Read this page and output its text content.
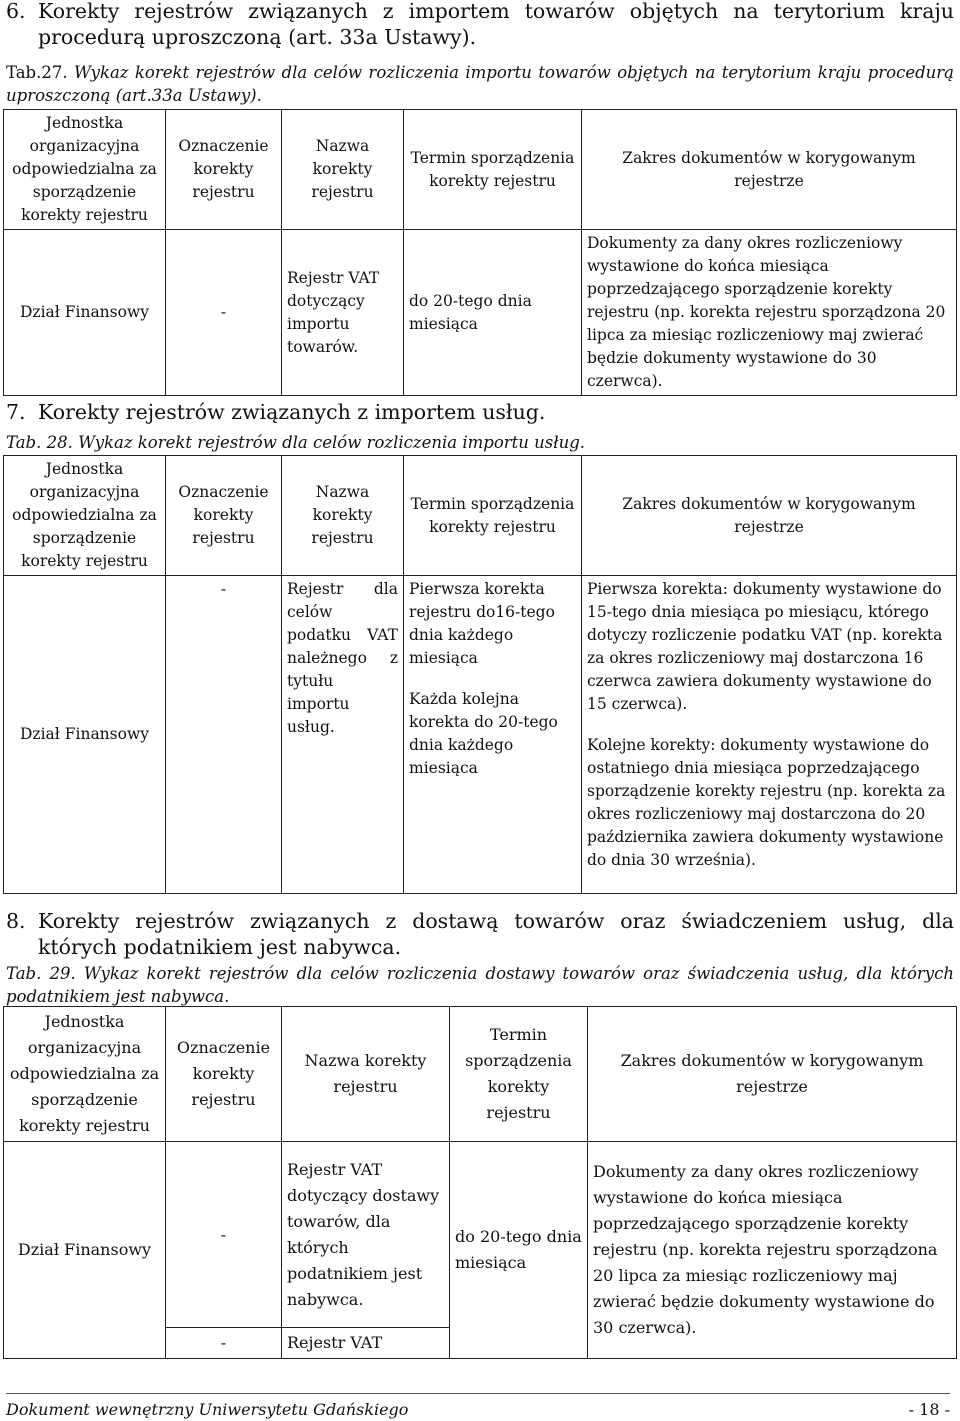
6. Korekty rejestrów związanych z importem towarów objętych na terytorium kraju procedurą uproszczoną (art. 33a Ustawy).
Tab.27. Wykaz korekt rejestrów dla celów rozliczenia importu towarów objętych na terytorium kraju procedurą uproszczoną (art.33a Ustawy).
Jednostka organizacyjna odpowiedzialna za sporządzenie korekty rejestru	Oznaczenie korekty rejestru	Nazwa korekty rejestru	Termin sporządzenia korekty rejestru	Zakres dokumentów w korygowanym rejestrze
Dział Finansowy	-	Rejestr VAT dotyczący importu towarów.	do 20-tego dnia miesiąca	Dokumenty za dany okres rozliczeniowy wystawione do końca miesiąca poprzedzającego sporządzenie korekty rejestru (np. korekta rejestru sporządzona 20 lipca za miesiąc rozliczeniowy maj zwierać będzie dokumenty wystawione do 30 czerwca).
7. Korekty rejestrów związanych z importem usług.
Tab. 28. Wykaz korekt rejestrów dla celów rozliczenia importu usług.
Jednostka organizacyjna odpowiedzialna za sporządzenie korekty rejestru	Oznaczenie korekty rejestru	Nazwa korekty rejestru	Termin sporządzenia korekty rejestru	Zakres dokumentów w korygowanym rejestrze
Dział Finansowy	-	Rejestr dla celów podatku VAT należnego z tytułu importu usług.	Pierwsza korekta rejestru do16-tego dnia każdego miesiąca
Każda kolejna korekta do 20-tego dnia każdego miesiąca	Pierwsza korekta: dokumenty wystawione do 15-tego dnia miesiąca po miesiącu, którego dotyczy rozliczenie podatku VAT (np. korekta za okres rozliczeniowy maj dostarczona 16 czerwca zawiera dokumenty wystawione do 15 czerwca).
Kolejne korekty: dokumenty wystawione do ostatniego dnia miesiąca poprzedzającego sporządzenie korekty rejestru (np. korekta za okres rozliczeniowy maj dostarczona do 20 października zawiera dokumenty wystawione do dnia 30 września).
8. Korekty rejestrów związanych z dostawą towarów oraz świadczeniem usług, dla których podatnikiem jest nabywca.
Tab. 29. Wykaz korekt rejestrów dla celów rozliczenia dostawy towarów oraz świadczenia usług, dla których podatnikiem jest nabywca.
Jednostka organizacyjna odpowiedzialna za sporządzenie korekty rejestru	Oznaczenie korekty rejestru	Nazwa korekty rejestru	Termin sporządzenia korekty rejestru	Zakres dokumentów w korygowanym rejestrze
Dział Finansowy	-	Rejestr VAT dotyczący dostawy towarów, dla których podatnikiem jest nabywca.	do 20-tego dnia miesiąca	Dokumenty za dany okres rozliczeniowy wystawione do końca miesiąca poprzedzającego sporządzenie korekty rejestru (np. korekta rejestru sporządzona 20 lipca za miesiąc rozliczeniowy maj zwierać będzie dokumenty wystawione do 30 czerwca).
	-	Rejestr VAT		
Dokument wewnętrzny Uniwersytetu Gdańskiego	- 18 -
